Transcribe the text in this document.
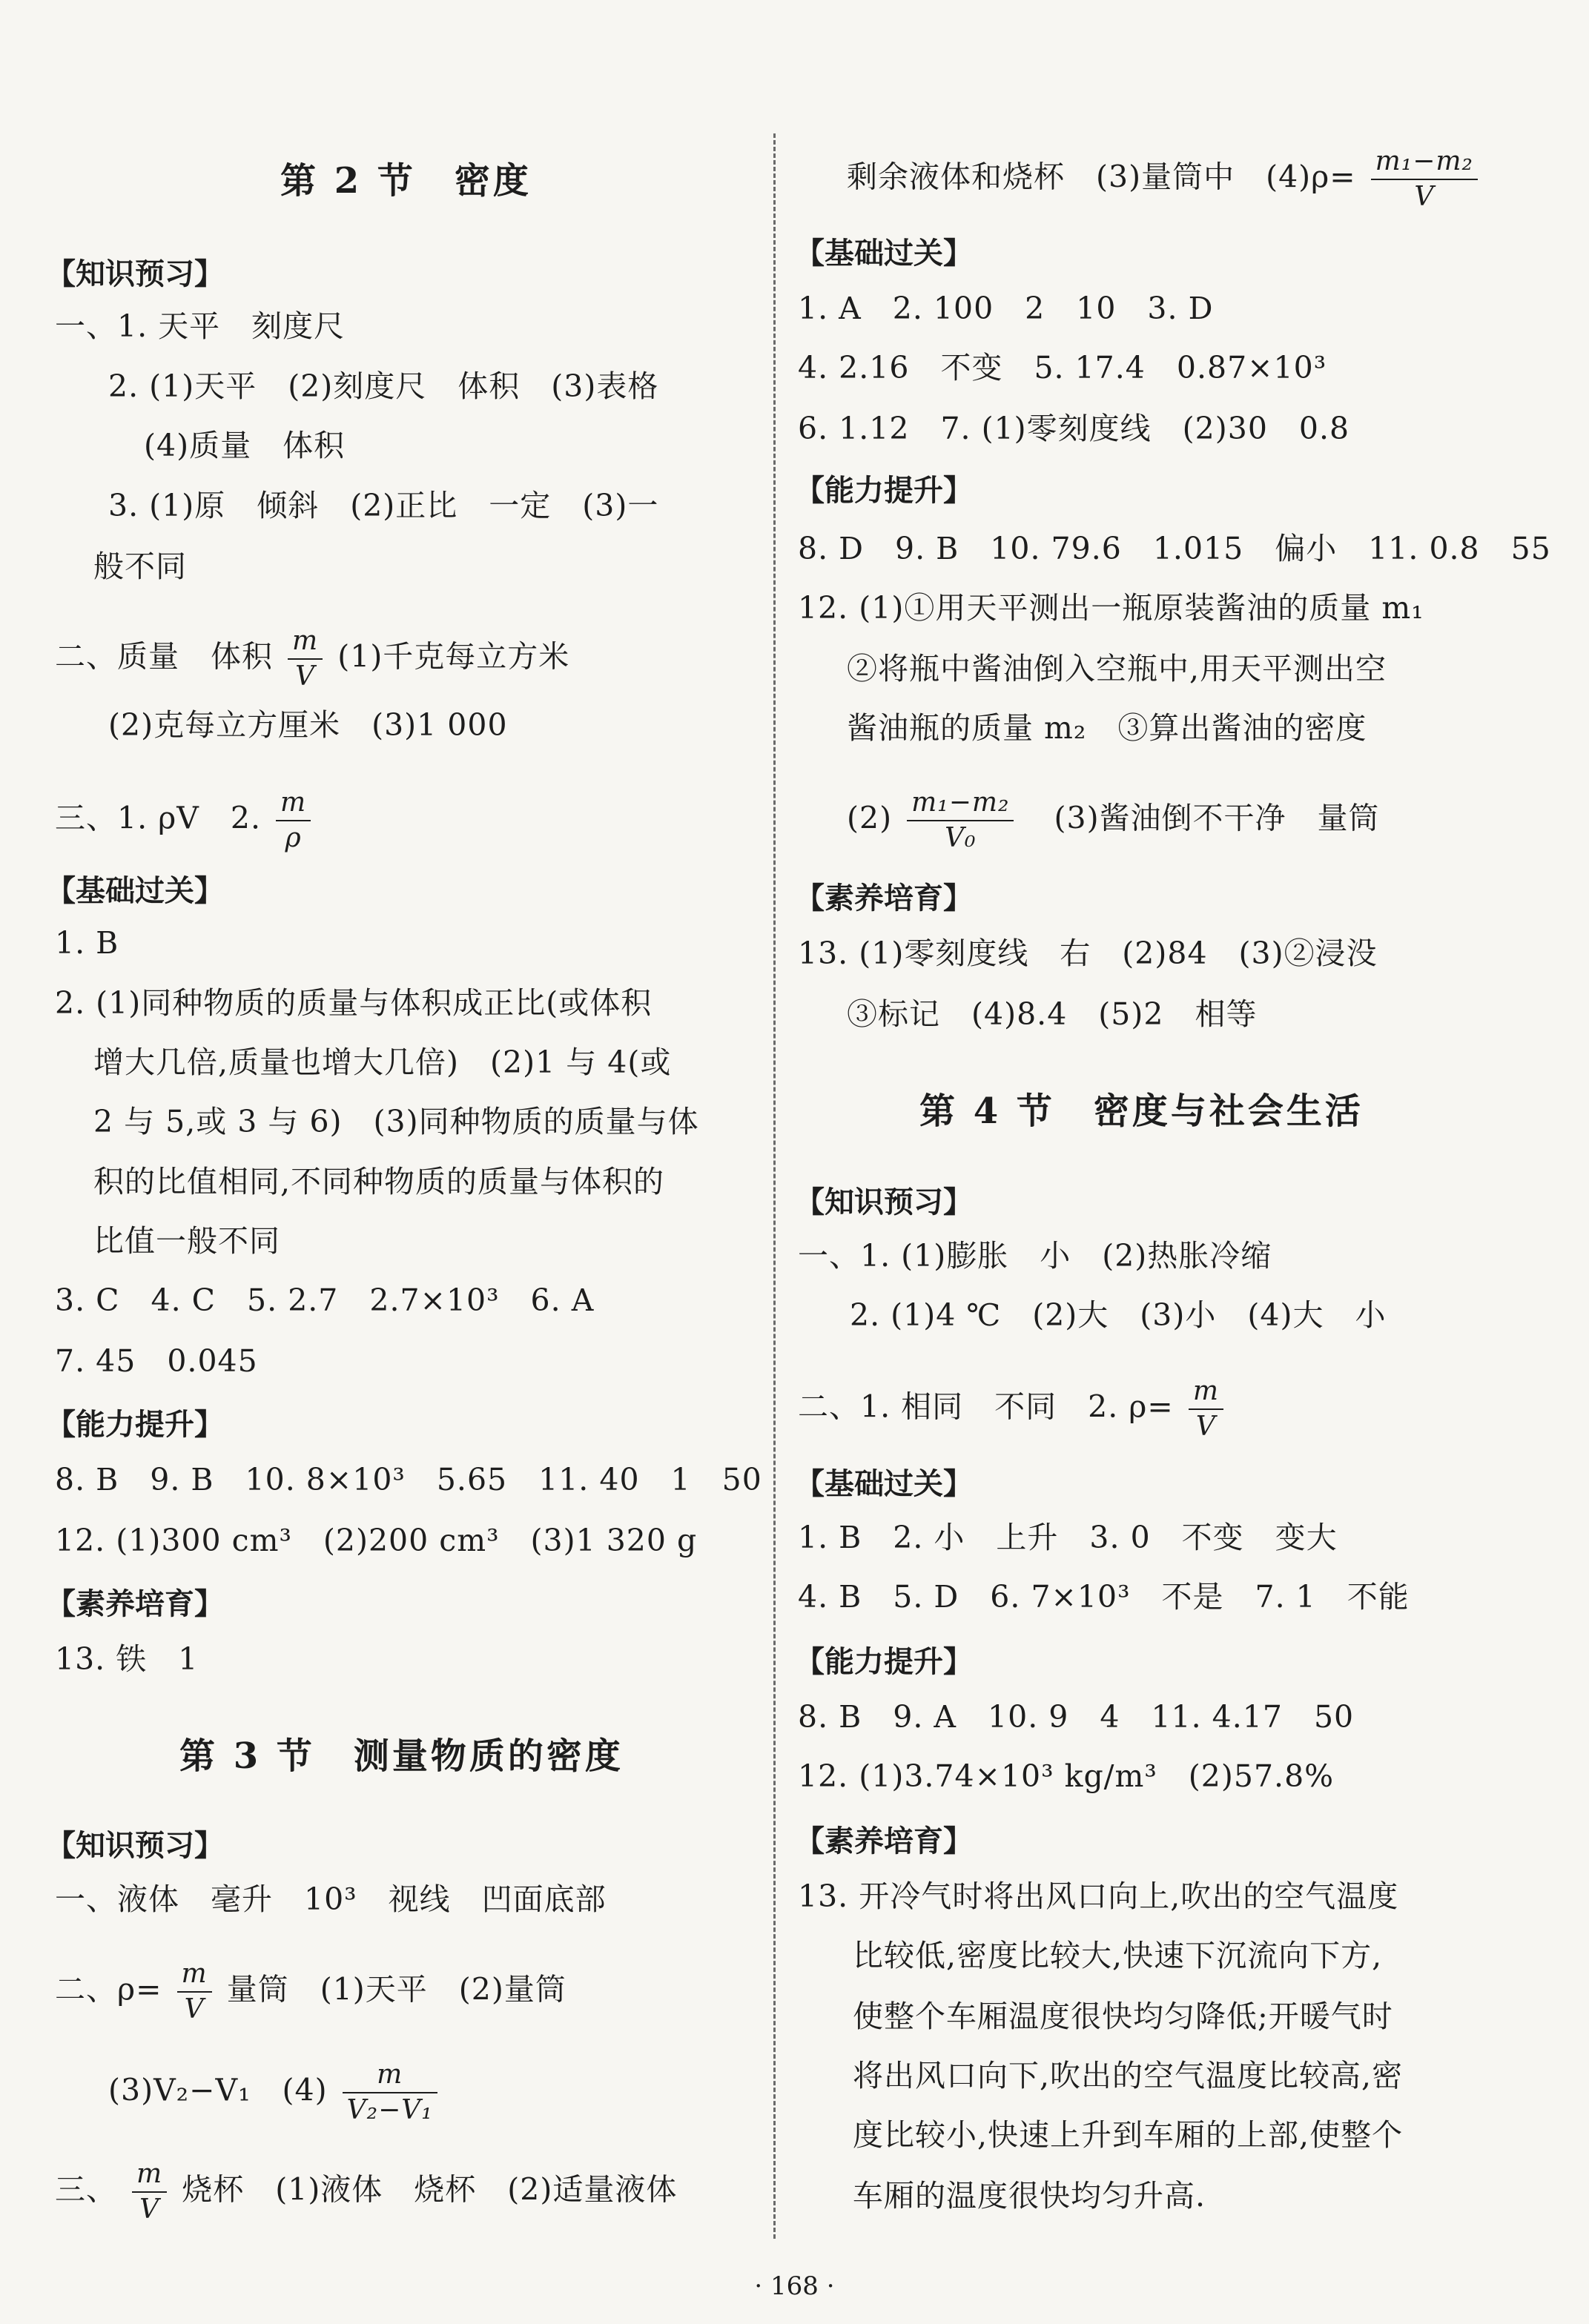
第 2 节　密度
【知识预习】
一、1. 天平　刻度尺
2. (1)天平　(2)刻度尺　体积　(3)表格
(4)质量　体积
3. (1)原　倾斜　(2)正比　一定　(3)一
般不同
二、质量　体积 $\frac{m}{V} (1)$千克每立方米
(2)克每立方厘米　(3)1 000
三、1. ρV　2. $\frac{m}{\rho}$
【基础过关】
1. B
2. (1)同种物质的质量与体积成正比(或体积
增大几倍,质量也增大几倍)　(2)1 与 4(或
2 与 5,或 3 与 6)　(3)同种物质的质量与体
积的比值相同,不同种物质的质量与体积的
比值一般不同
3. C　4. C　5. 2.7　2.7×10³　6. A
7. 45　0.045
【能力提升】
8. B　9. B　10. 8×10³　5.65　11. 40　1　50
12. (1)300 cm³　(2)200 cm³　(3)1 320 g
【素养培育】
13. 铁　1
第 3 节　测量物质的密度
【知识预习】
一、液体　毫升　10³　视线　凹面底部
二、$\rho= \frac{m}{V}$ 量筒　(1)天平　(2)量筒
(3)V₂−V₁　$(4) \frac{m}{\text{V₂−V₁}}$
三、 $\frac{m}{V}$ 烧杯　(1)液体　烧杯　(2)适量液体
剩余液体和烧杯　(3)量筒中　$(4)\rho= \frac{\text{m₁−m₂}}{V}$
【基础过关】
1. A　2. 100　2　10　3. D
4. 2.16　不变　5. 17.4　0.87×10³
6. 1.12　7. (1)零刻度线　(2)30　0.8
【能力提升】
8. D　9. B　10. 79.6　1.015　偏小　11. 0.8　55
12. (1)①用天平测出一瓶原装酱油的质量 m₁
②将瓶中酱油倒入空瓶中,用天平测出空
酱油瓶的质量 m₂　③算出酱油的密度
$(2) \frac{\text{m₁−m₂}}{\text{V₀}} (3)$酱油倒不干净　量筒
【素养培育】
13. (1)零刻度线　右　(2)84　(3)②浸没
③标记　(4)8.4　(5)2　相等
第 4 节　密度与社会生活
【知识预习】
一、1. (1)膨胀　小　(2)热胀冷缩
2. (1)4 ℃　(2)大　(3)小　(4)大　小
二、1. 相同　不同　2. $\rho= \frac{m}{V}$
【基础过关】
1. B　2. 小　上升　3. 0　不变　变大
4. B　5. D　6. 7×10³　不是　7. 1　不能
【能力提升】
8. B　9. A　10. 9　4　11. 4.17　50
12. (1)3.74×10³ kg/m³　(2)57.8%
【素养培育】
13. 开冷气时将出风口向上,吹出的空气温度
比较低,密度比较大,快速下沉流向下方,
使整个车厢温度很快均匀降低;开暖气时
将出风口向下,吹出的空气温度比较高,密
度比较小,快速上升到车厢的上部,使整个
车厢的温度很快均匀升高.
· 168 ·
